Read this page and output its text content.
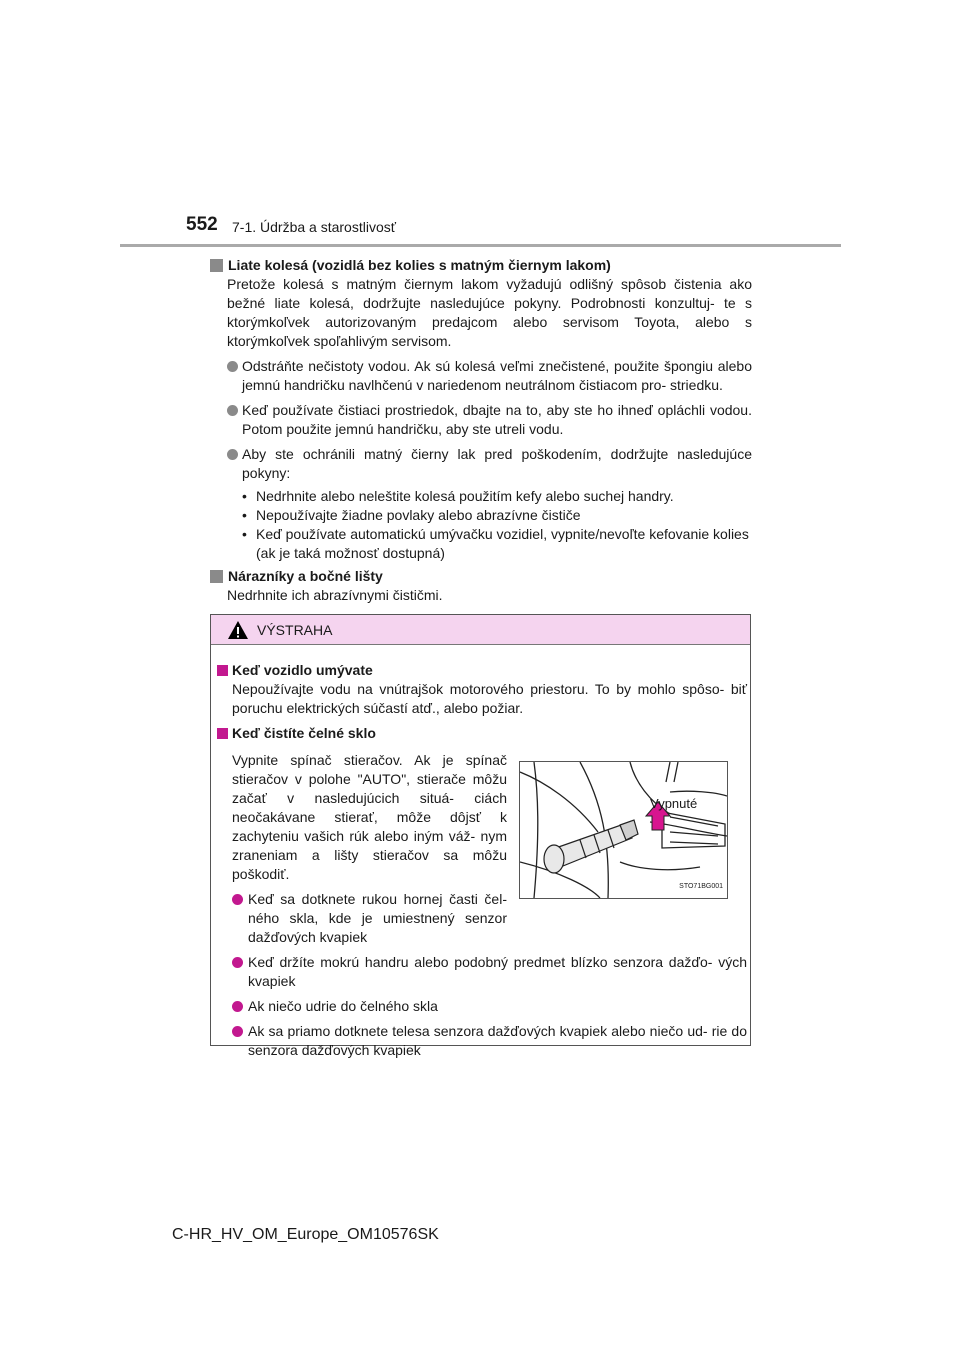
552 7-1. Údržba a starostlivosť
Liate kolesá (vozidlá bez kolies s matným čiernym lakom)
Pretože kolesá s matným čiernym lakom vyžadujú odlišný spôsob čistenia ako bežné liate kolesá, dodržujte nasledujúce pokyny. Podrobnosti konzultuj- te s ktorýmkoľvek autorizovaným predajcom alebo servisom Toyota, alebo s ktorýmkoľvek spoľahlivým servisom.
Odstráňte nečistoty vodou. Ak sú kolesá veľmi znečistené, použite špongiu alebo jemnú handričku navlhčenú v nariedenom neutrálnom čistiacom pro- striedku.
Keď používate čistiaci prostriedok, dbajte na to, aby ste ho ihneď opláchli vodou. Potom použite jemnú handričku, aby ste utreli vodu.
Aby ste ochránili matný čierny lak pred poškodením, dodržujte nasledujúce pokyny:
• Nedrhnite alebo neleštite kolesá použitím kefy alebo suchej handry.
• Nepoužívajte žiadne povlaky alebo abrazívne čističe
• Keď používate automatickú umývačku vozidiel, vypnite/nevoľte kefovanie kolies (ak je taká možnosť dostupná)
Nárazníky a bočné lišty
Nedrhnite ich abrazívnymi čističmi.
VÝSTRAHA
Keď vozidlo umývate
Nepoužívajte vodu na vnútrajšok motorového priestoru. To by mohlo spôso- biť poruchu elektrických súčastí atď., alebo požiar.
Keď čistíte čelné sklo
Vypnite spínač stieračov. Ak je spínač stieračov v polohe "AUTO", stierače môžu začať v nasledujúcich situá- ciách neočakávane stierať, môže dôjsť k zachyteniu vašich rúk alebo iným váž- nym zraneniam a lišty stieračov sa môžu poškodiť.
Keď sa dotknete rukou hornej časti čel- ného skla, kde je umiestnený senzor dažďových kvapiek
Vypnuté
STO71BG001
Keď držíte mokrú handru alebo podobný predmet blízko senzora dažďo- vých kvapiek
Ak niečo udrie do čelného skla
Ak sa priamo dotknete telesa senzora dažďových kvapiek alebo niečo ud- rie do senzora dažďových kvapiek
C-HR_HV_OM_Europe_OM10576SK
